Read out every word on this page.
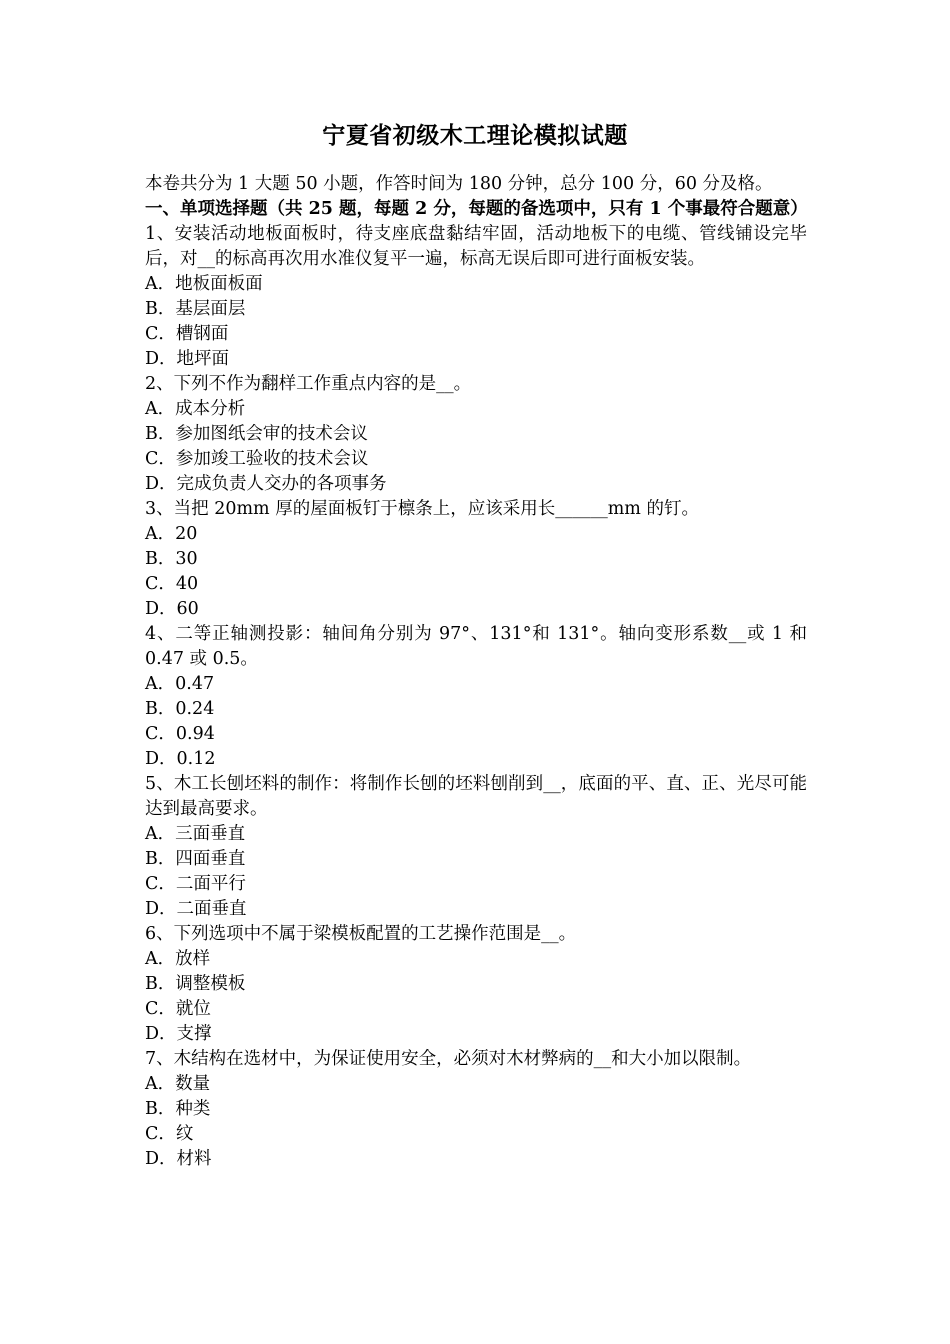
宁夏省初级木工理论模拟试题
本卷共分为 1 大题 50 小题，作答时间为 180 分钟，总分 100 分，60 分及格。
一、单项选择题（共 25 题，每题 2 分，每题的备选项中，只有 1 个事最符合题意）
1、安装活动地板面板时，待支座底盘黏结牢固，活动地板下的电缆、管线铺设完毕后，对__的标高再次用水准仪复平一遍，标高无误后即可进行面板安装。
A．地板面板面
B．基层面层
C．槽钢面
D．地坪面
2、下列不作为翻样工作重点内容的是__。
A．成本分析
B．参加图纸会审的技术会议
C．参加竣工验收的技术会议
D．完成负责人交办的各项事务
3、当把 20mm 厚的屋面板钉于檩条上，应该采用长______mm 的钉。
A．20
B．30
C．40
D．60
4、二等正轴测投影：轴间角分别为 97°、131°和 131°。轴向变形系数__或 1 和 0.47 或 0.5。
A．0.47
B．0.24
C．0.94
D．0.12
5、木工长刨坯料的制作：将制作长刨的坯料刨削到__，底面的平、直、正、光尽可能达到最高要求。
A．三面垂直
B．四面垂直
C．二面平行
D．二面垂直
6、下列选项中不属于梁模板配置的工艺操作范围是__。
A．放样
B．调整模板
C．就位
D．支撑
7、木结构在选材中，为保证使用安全，必须对木材弊病的__和大小加以限制。
A．数量
B．种类
C．纹
D．材料
